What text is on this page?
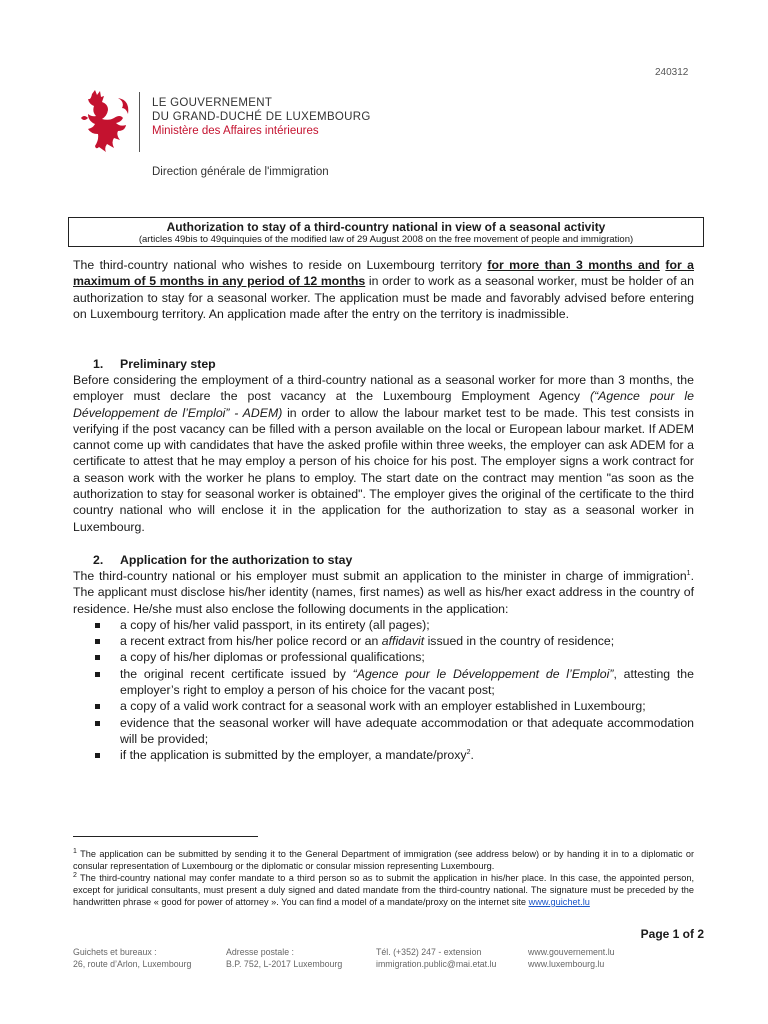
240312
LE GOUVERNEMENT
DU GRAND-DUCHÉ DE LUXEMBOURG
Ministère des Affaires intérieures
Direction générale de l'immigration
Authorization to stay of a third-country national in view of a seasonal activity
(articles 49bis to 49quinquies of the modified law of 29 August 2008 on the free movement of people and immigration)
The third-country national who wishes to reside on Luxembourg territory for more than 3 months and for a maximum of 5 months in any period of 12 months in order to work as a seasonal worker, must be holder of an authorization to stay for a seasonal worker. The application must be made and favorably advised before entering on Luxembourg territory. An application made after the entry on the territory is inadmissible.
1. Preliminary step
Before considering the employment of a third-country national as a seasonal worker for more than 3 months, the employer must declare the post vacancy at the Luxembourg Employment Agency (“Agence pour le Développement de l’Emploi” - ADEM) in order to allow the labour market test to be made. This test consists in verifying if the post vacancy can be filled with a person available on the local or European labour market. If ADEM cannot come up with candidates that have the asked profile within three weeks, the employer can ask ADEM for a certificate to attest that he may employ a person of his choice for his post. The employer signs a work contract for a season work with the worker he plans to employ. The start date on the contract may mention "as soon as the authorization to stay for seasonal worker is obtained". The employer gives the original of the certificate to the third country national who will enclose it in the application for the authorization to stay as a seasonal worker in Luxembourg.
2. Application for the authorization to stay
The third-country national or his employer must submit an application to the minister in charge of immigration$^1$. The applicant must disclose his/her identity (names, first names) as well as his/her exact address in the country of residence. He/she must also enclose the following documents in the application:
a copy of his/her valid passport, in its entirety (all pages);
a recent extract from his/her police record or an affidavit issued in the country of residence;
a copy of his/her diplomas or professional qualifications;
the original recent certificate issued by “Agence pour le Développement de l’Emploi”, attesting the employer’s right to employ a person of his choice for the vacant post;
a copy of a valid work contract for a seasonal work with an employer established in Luxembourg;
evidence that the seasonal worker will have adequate accommodation or that adequate accommodation will be provided;
if the application is submitted by the employer, a mandate/proxy$^2$.
$^1$ The application can be submitted by sending it to the General Department of immigration (see address below) or by handing it in to a diplomatic or consular representation of Luxembourg or the diplomatic or consular mission representing Luxembourg.
$^2$ The third-country national may confer mandate to a third person so as to submit the application in his/her place. In this case, the appointed person, except for juridical consultants, must present a duly signed and dated mandate from the third-country national. The signature must be preceded by the handwritten phrase « good for power of attorney ». You can find a model of a mandate/proxy on the internet site www.guichet.lu
Page 1 of 2
Guichets et bureaux :
26, route d’Arlon, Luxembourg
Adresse postale :
B.P. 752, L-2017 Luxembourg
Tél. (+352) 247 - extension
immigration.public@mai.etat.lu
www.gouvernement.lu
www.luxembourg.lu
